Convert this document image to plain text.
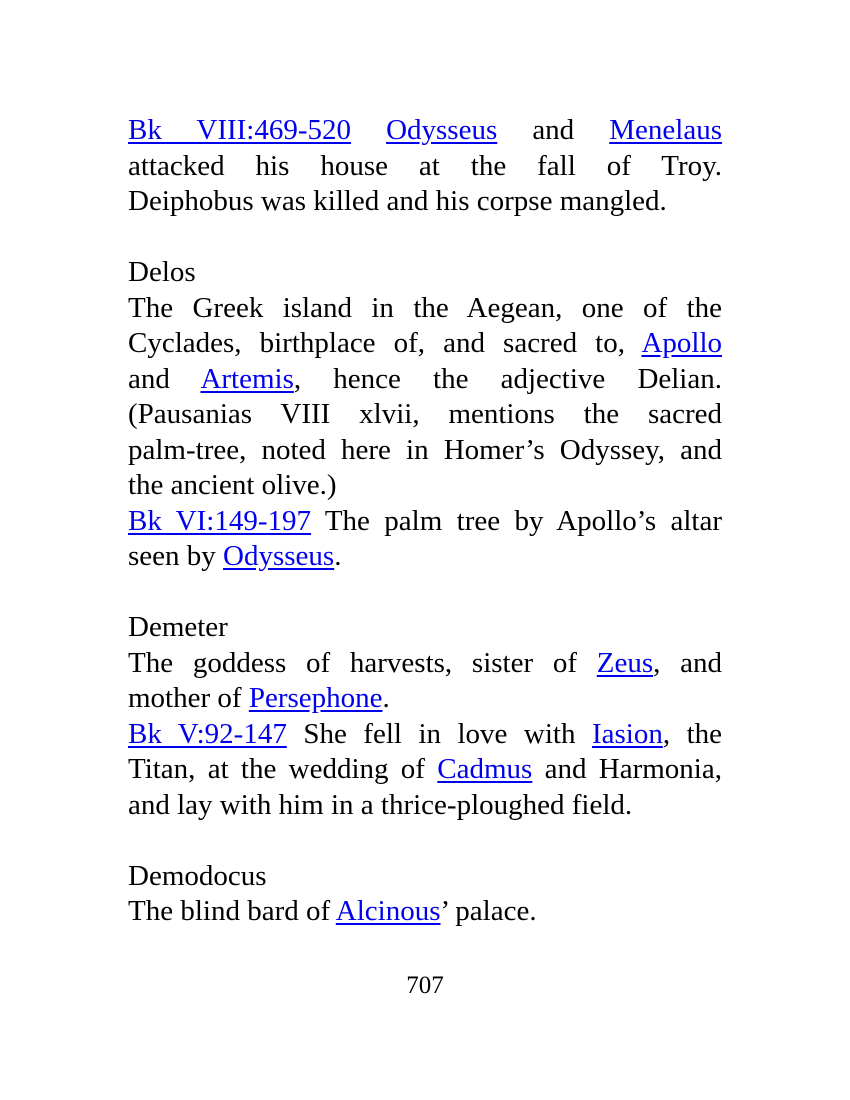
Bk VIII:469-520 Odysseus and Menelaus
attacked his house at the fall of Troy.
Deiphobus was killed and his corpse mangled.
Delos
The Greek island in the Aegean, one of the
Cyclades, birthplace of, and sacred to, Apollo
and Artemis, hence the adjective Delian.
(Pausanias VIII xlvii, mentions the sacred
palm-tree, noted here in Homer’s Odyssey, and
the ancient olive.)
Bk VI:149-197 The palm tree by Apollo’s altar
seen by Odysseus.
Demeter
The goddess of harvests, sister of Zeus, and
mother of Persephone.
Bk V:92-147 She fell in love with Iasion, the
Titan, at the wedding of Cadmus and Harmonia,
and lay with him in a thrice-ploughed field.
Demodocus
The blind bard of Alcinous’ palace.
707
